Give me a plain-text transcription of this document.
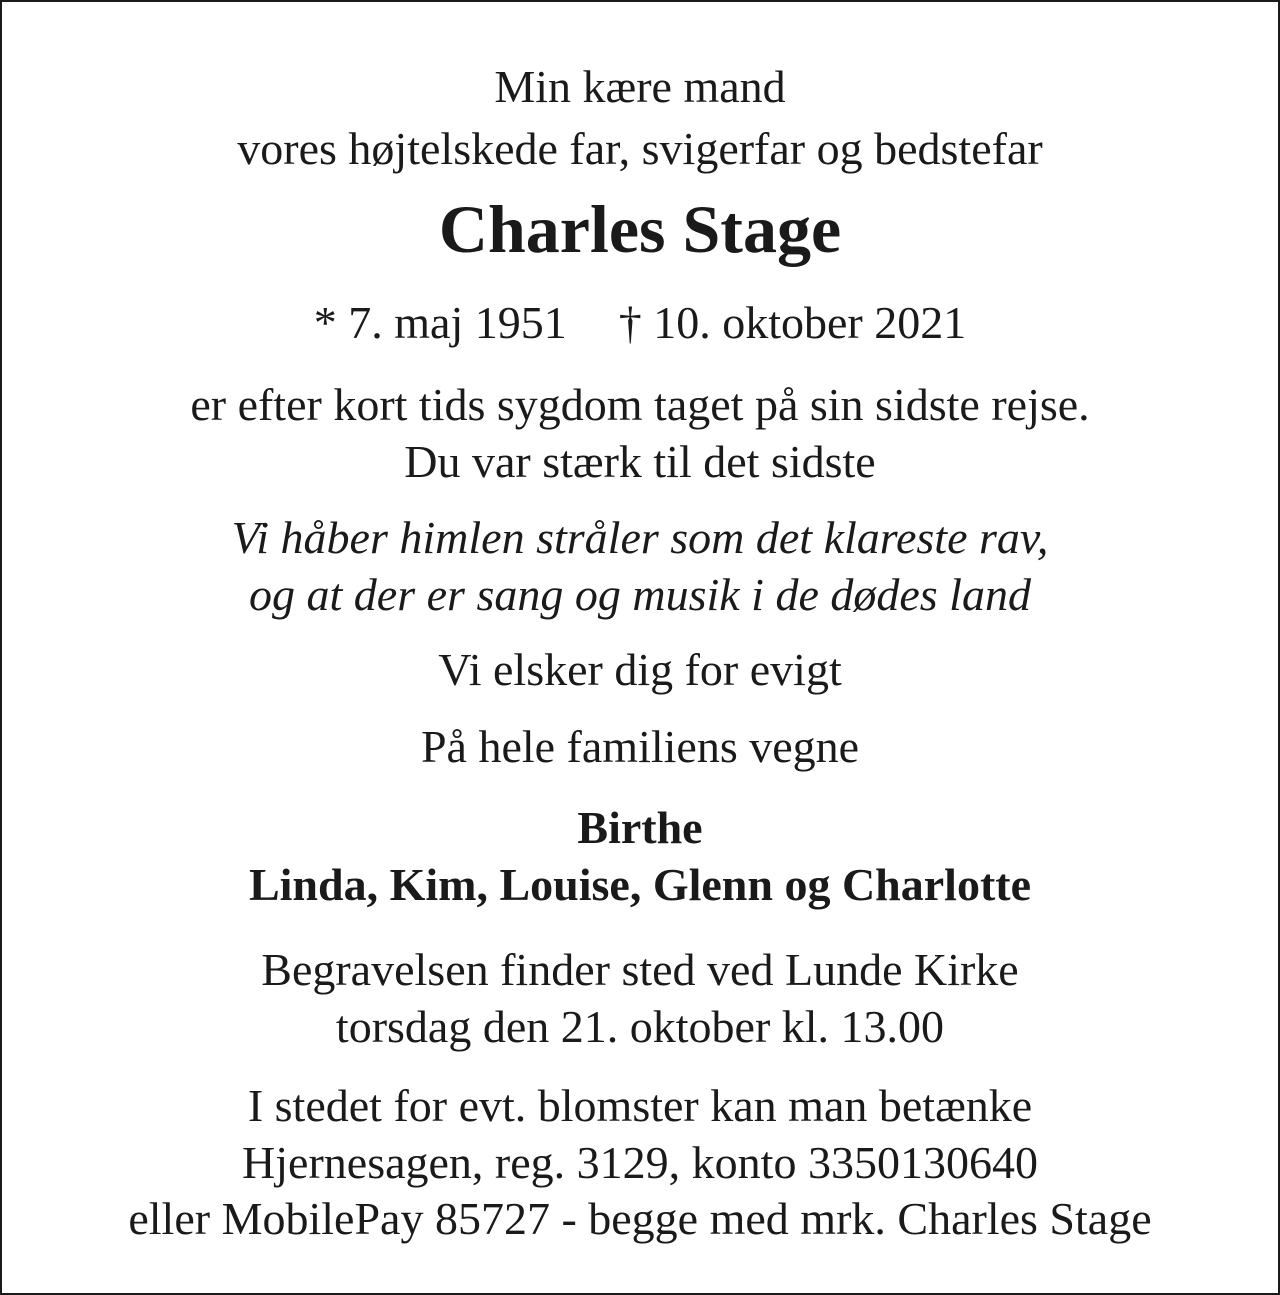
Min kære mand
vores højtelskede far, svigerfar og bedstefar
Charles Stage
* 7. maj 1951 † 10. oktober 2021
er efter kort tids sygdom taget på sin sidste rejse.
Du var stærk til det sidste
Vi håber himlen stråler som det klareste rav,
og at der er sang og musik i de dødes land
Vi elsker dig for evigt
På hele familiens vegne
Birthe
Linda, Kim, Louise, Glenn og Charlotte
Begravelsen finder sted ved Lunde Kirke
torsdag den 21. oktober kl. 13.00
I stedet for evt. blomster kan man betænke
Hjernesagen, reg. 3129, konto 3350130640
eller MobilePay 85727 - begge med mrk. Charles Stage
